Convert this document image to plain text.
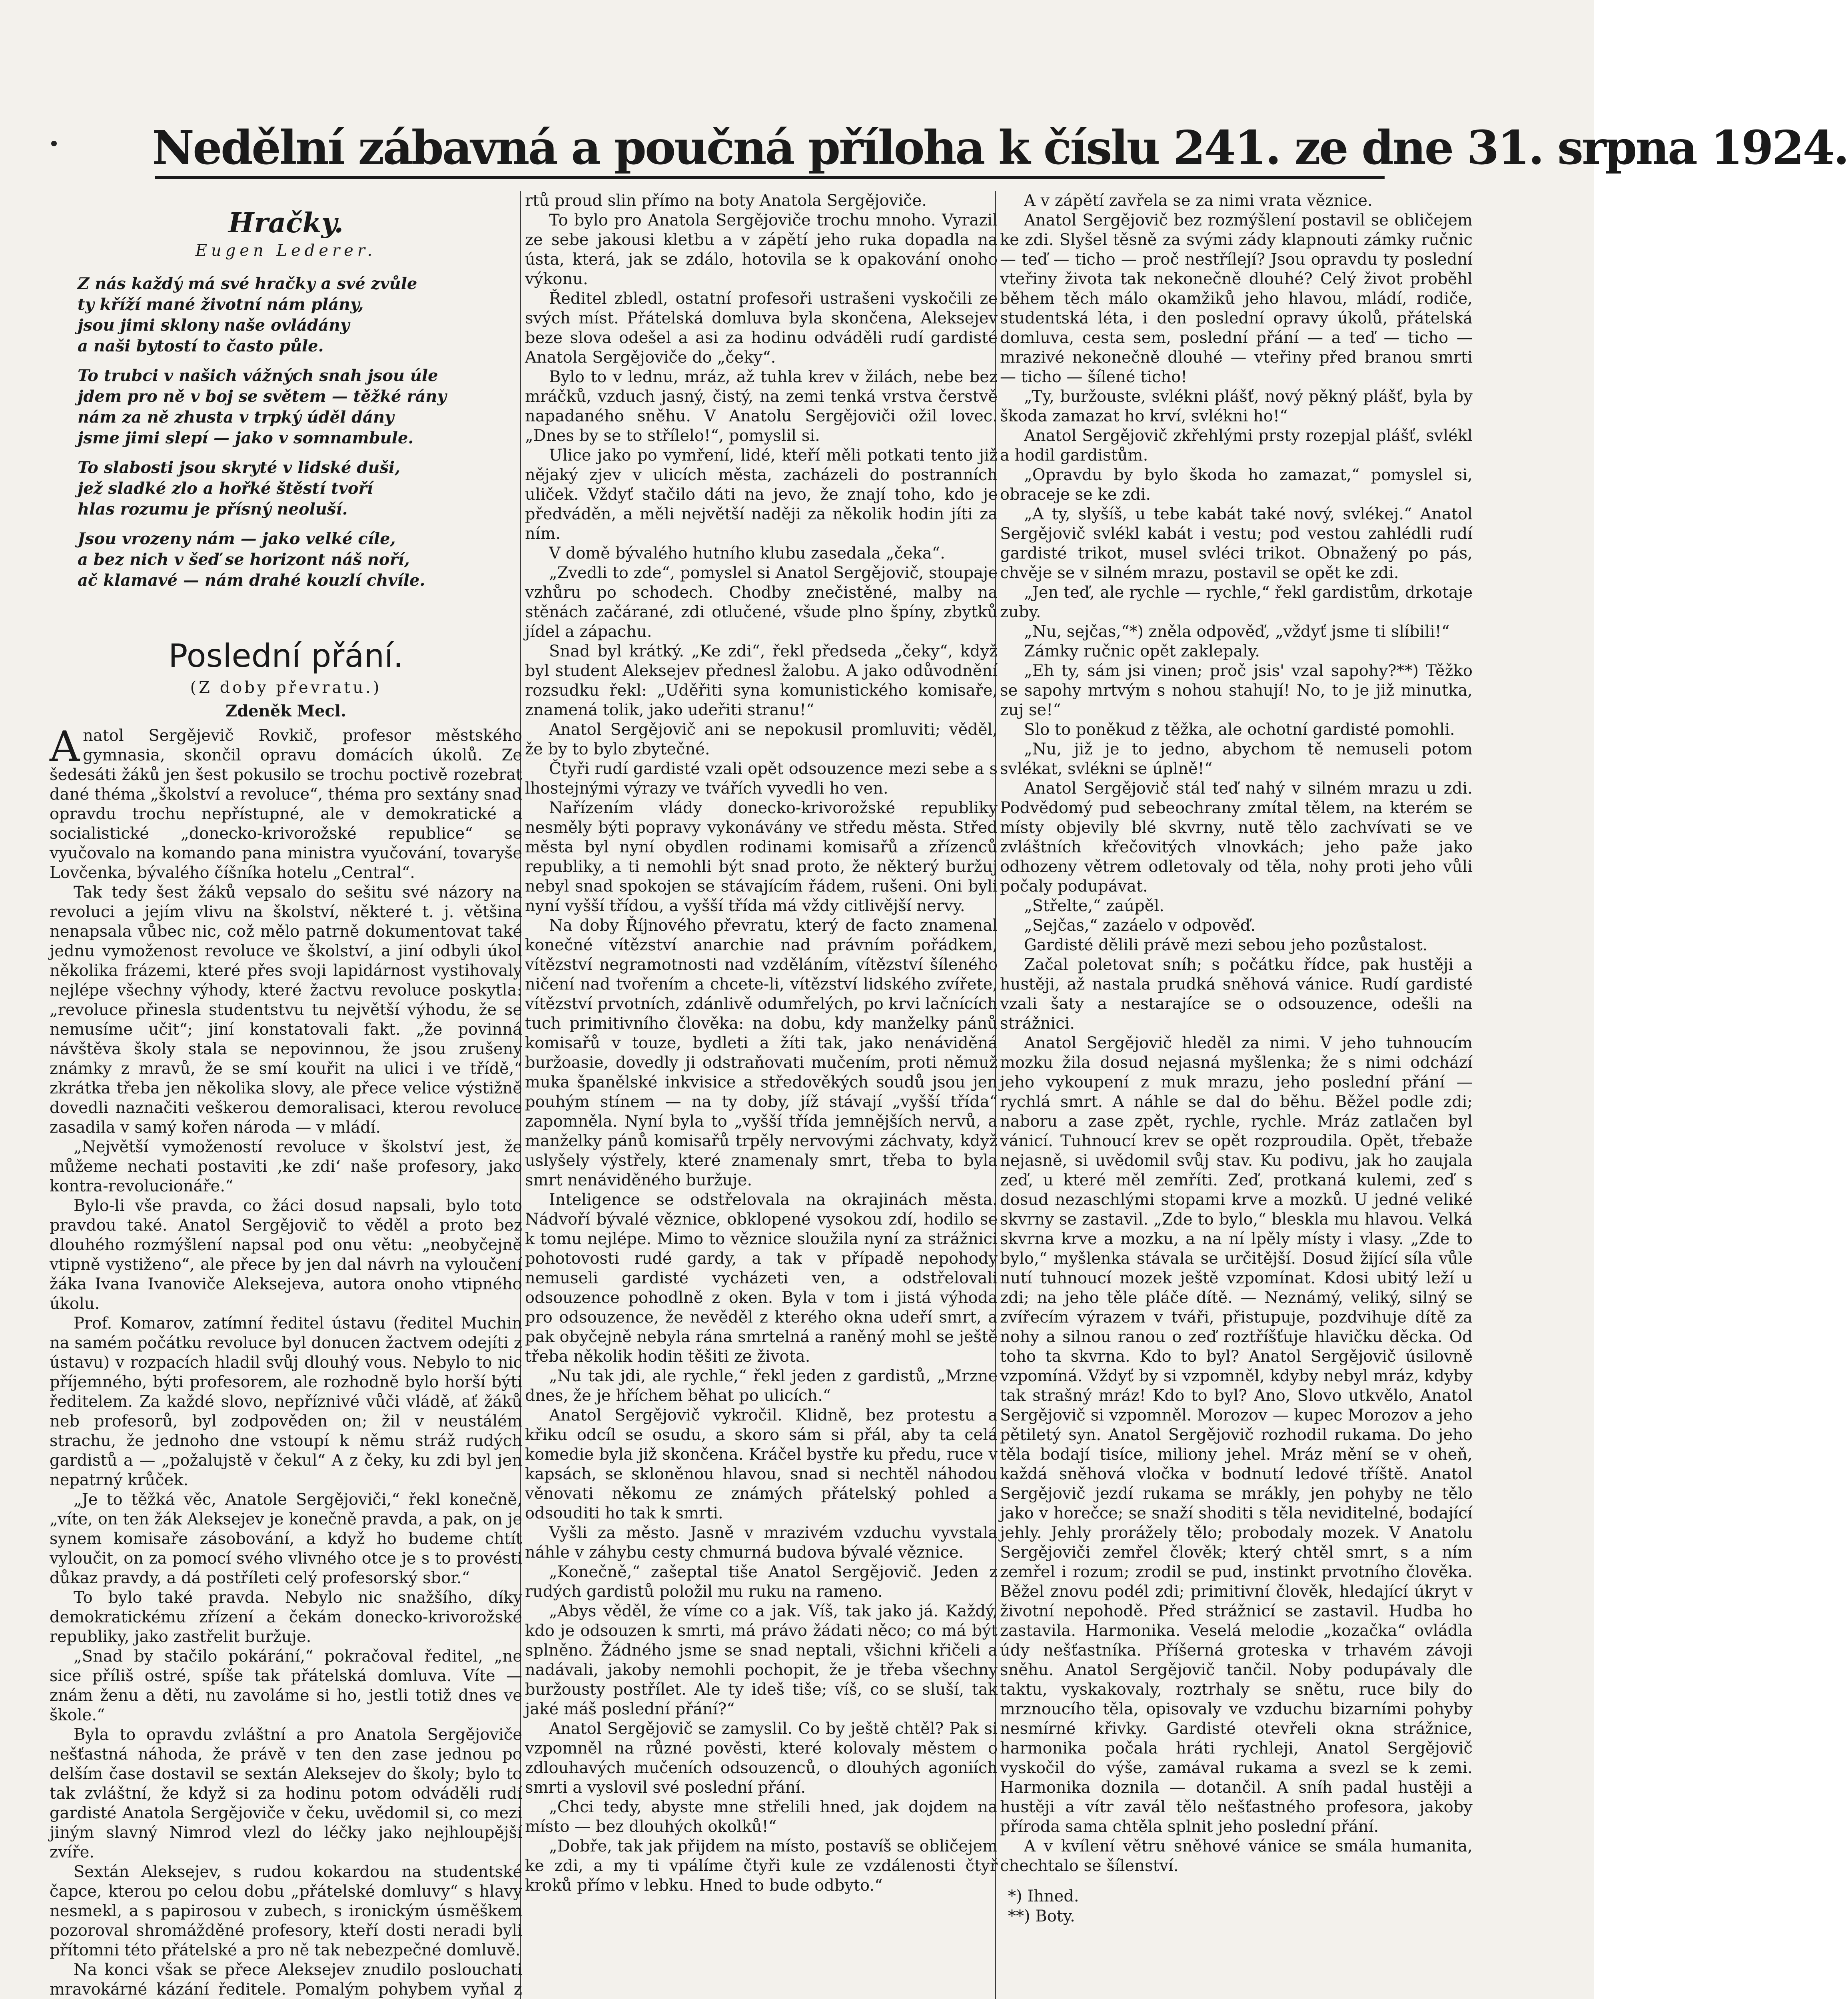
Nedělní zábavná a poučná příloha k číslu 241. ze dne 31. srpna 1924.
Hračky.
Eugen Lederer.
Z nás každý má své hračky a své zvůle
ty kříží mané životní nám plány,
jsou jimi sklony naše ovládány
a naši bytostí to často půle.
To trubci v našich vážných snah jsou úle
jdem pro ně v boj se světem — těžké rány
nám za ně zhusta v trpký úděl dány
jsme jimi slepí — jako v somnambule.
To slabosti jsou skryté v lidské duši,
jež sladké zlo a hořké štěstí tvoří
hlas rozumu je přísný neoluší.
Jsou vrozeny nám — jako velké cíle,
a bez nich v šeď se horizont náš noří,
ač klamavé — nám drahé kouzlí chvíle.
Poslední přání.
(Z doby převratu.)
Zdeněk Mecl.

Anatol Sergějevič Rovkič, profesor městského gymnasia, skončil opravu domácích úkolů. Ze šedesáti žáků jen šest pokusilo se trochu poctivě rozebrat dané théma „školství a revoluce“, théma pro sextány snad opravdu trochu nepřístupné, ale v demokratické a socialistické „donecko-krivorožské republice“ se vyučovalo na komando pana ministra vyučování, tovaryše Lovčenka, bývalého číšníka hotelu „Central“.

Tak tedy šest žáků vepsalo do sešitu své názory na revoluci a jejím vlivu na školství, některé t. j. většina nenapsala vůbec nic, což mělo patrně dokumentovat také jednu vymoženost revoluce ve školství, a jiní odbyli úkol několika frázemi, které přes svoji lapidárnost vystihovaly nejlépe všechny výhody, které žactvu revoluce poskytla: „revoluce přinesla studentstvu tu největší výhodu, že se nemusíme učit“; jiní konstatovali fakt. „že povinná návštěva školy stala se nepovinnou, že jsou zrušeny známky z mravů, že se smí kouřit na ulici i ve třídě,“ zkrátka třeba jen několika slovy, ale přece velice výstižně dovedli naznačiti veškerou demoralisaci, kterou revoluce zasadila v samý kořen národa — v mládí.

„Největší vymožeností revoluce v školství jest, že můžeme nechati postaviti ,ke zdi‘ naše profesory, jako kontra-revolucionáře.“

Bylo-li vše pravda, co žáci dosud napsali, bylo toto pravdou také. Anatol Sergějovič to věděl a proto bez dlouhého rozmýšlení napsal pod onu větu: „neobyčejně vtipně vystiženo“, ale přece by jen dal návrh na vyloučení žáka Ivana Ivanoviče Aleksejeva, autora onoho vtipného úkolu.

Prof. Komarov, zatímní ředitel ústavu (ředitel Muchin na samém počátku revoluce byl donucen žactvem odejíti z ústavu) v rozpacích hladil svůj dlouhý vous. Nebylo to nic příjemného, býti profesorem, ale rozhodně bylo horší býti ředitelem. Za každé slovo, nepříznivé vůči vládě, ať žáků neb profesorů, byl zodpověden on; žil v neustálém strachu, že jednoho dne vstoupí k němu stráž rudých gardistů a — „požalujstě v čekul“ A z čeky, ku zdi byl jen nepatrný krůček.

„Je to těžká věc, Anatole Sergějoviči,“ řekl konečně, „víte, on ten žák Aleksejev je konečně pravda, a pak, on je synem komisaře zásobování, a když ho budeme chtít vyloučit, on za pomocí svého vlivného otce je s to provésti důkaz pravdy, a dá postříleti celý profesorský sbor.“

To bylo také pravda. Nebylo nic snažšího, díky demokratickému zřízení a čekám donecko-krivorožské republiky, jako zastřelit buržuje.

„Snad by stačilo pokárání,“ pokračoval ředitel, „ne sice příliš ostré, spíše tak přátelská domluva. Víte — znám ženu a děti, nu zavoláme si ho, jestli totiž dnes ve škole.“

Byla to opravdu zvláštní a pro Anatola Sergějoviče nešťastná náhoda, že právě v ten den zase jednou po delším čase dostavil se sextán Aleksejev do školy; bylo to tak zvláštní, že když si za hodinu potom odváděli rudí gardisté Anatola Sergějoviče v čeku, uvědomil si, co mezi jiným slavný Nimrod vlezl do léčky jako nejhloupější zvíře.

Sextán Aleksejev, s rudou kokardou na studentské čapce, kterou po celou dobu „přátelské domluvy“ s hlavy nesmekl, a s papirosou v zubech, s ironickým úsměškem pozoroval shromážděné profesory, kteří dosti neradi byli přítomni této přátelské a pro ně tak nebezpečné domluvě.

Na konci však se přece Aleksejev znudilo poslouchati mravokárné kázání ředitele. Pomalým pohybem vyňal z

rtů proud slin přímo na boty Anatola Sergějoviče.

To bylo pro Anatola Sergějoviče trochu mnoho. Vyrazil ze sebe jakousi kletbu a v zápětí jeho ruka dopadla na ústa, která, jak se zdálo, hotovila se k opakování onoho výkonu.

Ředitel zbledl, ostatní profesoři ustrašeni vyskočili ze svých míst. Přátelská domluva byla skončena, Aleksejev beze slova odešel a asi za hodinu odváděli rudí gardisté Anatola Sergějoviče do „čeky“.

Bylo to v lednu, mráz, až tuhla krev v žilách, nebe bez mráčků, vzduch jasný, čistý, na zemi tenká vrstva čerstvě napadaného sněhu. V Anatolu Sergějoviči ožil lovec. „Dnes by se to střílelo!“, pomyslil si.

Ulice jako po vymření, lidé, kteří měli potkati tento již nějaký zjev v ulicích města, zacházeli do postranních uliček. Vždyť stačilo dáti na jevo, že znají toho, kdo je předváděn, a měli největší naději za několik hodin jíti za ním.

V domě bývalého hutního klubu zasedala „čeka“.

„Zvedli to zde“, pomyslel si Anatol Sergějovič, stoupaje vzhůru po schodech. Chodby znečistěné, malby na stěnách začárané, zdi otlučené, všude plno špíny, zbytků jídel a zápachu.

Snad byl krátký. „Ke zdi“, řekl předseda „čeky“, když byl student Aleksejev přednesl žalobu. A jako odůvodnění rozsudku řekl: „Uděřiti syna komunistického komisaře, znamená tolik, jako udeřiti stranu!“

Anatol Sergějovič ani se nepokusil promluviti; věděl, že by to bylo zbytečné.

Čtyři rudí gardisté vzali opět odsouzence mezi sebe a s lhostejnými výrazy ve tvářích vyvedli ho ven.

Nařízením vlády donecko-krivorožské republiky nesměly býti popravy vykonávány ve středu města. Střed města byl nyní obydlen rodinami komisařů a zřízenců republiky, a ti nemohli být snad proto, že některý buržuj nebyl snad spokojen se stávajícím řádem, rušeni. Oni byli nyní vyšší třídou, a vyšší třída má vždy citlivější nervy.

Na doby Říjnového převratu, který de facto znamenal konečné vítězství anarchie nad právním pořádkem, vítězství negramotnosti nad vzděláním, vítězství šíleného ničení nad tvořením a chcete-li, vítězství lidského zvířete, vítězství prvotních, zdánlivě odumřelých, po krvi lačnících tuch primitivního člověka: na dobu, kdy manželky pánů komisařů v touze, bydleti a žíti tak, jako nenáviděná buržoasie, dovedly ji odstraňovati mučením, proti němuž muka španělské inkvisice a středověkých soudů jsou jen pouhým stínem — na ty doby, jíž stávají „vyšší třída“ zapomněla. Nyní byla to „vyšší třída jemnějších nervů, a manželky pánů komisařů trpěly nervovými záchvaty, když uslyšely výstřely, které znamenaly smrt, třeba to byla smrt nenáviděného buržuje.

Inteligence se odstřelovala na okrajinách města. Nádvoří bývalé věznice, obklopené vysokou zdí, hodilo se k tomu nejlépe. Mimo to věznice sloužila nyní za strážnici pohotovosti rudé gardy, a tak v případě nepohody nemuseli gardisté vycházeti ven, a odstřelovali odsouzence pohodlně z oken. Byla v tom i jistá výhoda pro odsouzence, že nevěděl z kterého okna udeří smrt, a pak obyčejně nebyla rána smrtelná a raněný mohl se ještě třeba několik hodin těšiti ze života.

„Nu tak jdi, ale rychle,“ řekl jeden z gardistů, „Mrzne dnes, že je hříchem běhat po ulicích.“

Anatol Sergějovič vykročil. Klidně, bez protestu a křiku odcíl se osudu, a skoro sám si přál, aby ta celá komedie byla již skončena. Kráčel bystře ku předu, ruce v kapsách, se skloněnou hlavou, snad si nechtěl náhodou věnovati někomu ze známých přátelský pohled a odsouditi ho tak k smrti.

Vyšli za město. Jasně v mrazivém vzduchu vyvstala náhle v záhybu cesty chmurná budova bývalé věznice.

„Konečně,“ zašeptal tiše Anatol Sergějovič. Jeden z rudých gardistů položil mu ruku na rameno.

„Abys věděl, že víme co a jak. Víš, tak jako já. Každý, kdo je odsouzen k smrti, má právo žádati něco; co má být splněno. Žádného jsme se snad neptali, všichni křičeli a nadávali, jakoby nemohli pochopit, že je třeba všechny buržousty postřílet. Ale ty ideš tiše; víš, co se sluší, tak jaké máš poslední přání?“

Anatol Sergějovič se zamyslil. Co by ještě chtěl? Pak si vzpomněl na různé pověsti, které kolovaly městem o zdlouhavých mučeních odsouzenců, o dlouhých agoniích smrti a vyslovil své poslední přání.

„Chci tedy, abyste mne střelili hned, jak dojdem na místo — bez dlouhých okolků!“

„Dobře, tak jak přijdem na místo, postavíš se obličejem ke zdi, a my ti vpálíme čtyři kule ze vzdálenosti čtyř kroků přímo v lebku. Hned to bude odbyto.“

A v zápětí zavřela se za nimi vrata věznice.

Anatol Sergějovič bez rozmýšlení postavil se obličejem ke zdi. Slyšel těsně za svými zády klapnouti zámky ručnic — teď — ticho — proč nestřílejí? Jsou opravdu ty poslední vteřiny života tak nekonečně dlouhé? Celý život proběhl během těch málo okamžiků jeho hlavou, mládí, rodiče, studentská léta, i den poslední opravy úkolů, přátelská domluva, cesta sem, poslední přání — a teď — ticho — mrazivé nekonečně dlouhé — vteřiny před branou smrti — ticho — šílené ticho!

„Ty, buržouste, svlékni plášť, nový pěkný plášť, byla by škoda zamazat ho krví, svlékni ho!“

Anatol Sergějovič zkřehlými prsty rozepjal plášť, svlékl a hodil gardistům.

„Opravdu by bylo škoda ho zamazat,“ pomyslel si, obraceje se ke zdi.

„A ty, slyšíš, u tebe kabát také nový, svlékej.“ Anatol Sergějovič svlékl kabát i vestu; pod vestou zahlédli rudí gardisté trikot, musel svléci trikot. Obnažený po pás, chvěje se v silném mrazu, postavil se opět ke zdi.

„Jen teď, ale rychle — rychle,“ řekl gardistům, drkotaje zuby.

„Nu, sejčas,“*) zněla odpověď, „vždyť jsme ti slíbili!“

Zámky ručnic opět zaklepaly.

„Eh ty, sám jsi vinen; proč jsis' vzal sapohy?**) Těžko se sapohy mrtvým s nohou stahují! No, to je již minutka, zuj se!“

Slo to poněkud z těžka, ale ochotní gardisté pomohli.

„Nu, již je to jedno, abychom tě nemuseli potom svlékat, svlékni se úplně!“

Anatol Sergějovič stál teď nahý v silném mrazu u zdi. Podvědomý pud sebeochrany zmítal tělem, na kterém se místy objevily blé skvrny, nutě tělo zachvívati se ve zvláštních křečovitých vlnovkách; jeho paže jako odhozeny větrem odletovaly od těla, nohy proti jeho vůli počaly podupávat.

„Střelte,“ zaúpěl.

„Sejčas,“ zazáelo v odpověď.

Gardisté dělili právě mezi sebou jeho pozůstalost.

Začal poletovat sníh; s počátku řídce, pak hustěji a hustěji, až nastala prudká sněhová vánice. Rudí gardisté vzali šaty a nestarajíce se o odsouzence, odešli na strážnici.

Anatol Sergějovič hleděl za nimi. V jeho tuhnoucím mozku žila dosud nejasná myšlenka; že s nimi odchází jeho vykoupení z muk mrazu, jeho poslední přání — rychlá smrt. A náhle se dal do běhu. Běžel podle zdi; naboru a zase zpět, rychle, rychle. Mráz zatlačen byl vánicí. Tuhnoucí krev se opět rozproudila. Opět, třebaže nejasně, si uvědomil svůj stav. Ku podivu, jak ho zaujala zeď, u které měl zemříti. Zeď, protkaná kulemi, zeď s dosud nezaschlými stopami krve a mozků. U jedné veliké skvrny se zastavil. „Zde to bylo,“ bleskla mu hlavou. Velká skvrna krve a mozku, a na ní lpěly místy i vlasy. „Zde to bylo,“ myšlenka stávala se určitější. Dosud žijící síla vůle nutí tuhnoucí mozek ještě vzpomínat. Kdosi ubitý leží u zdi; na jeho těle pláče dítě. — Neznámý, veliký, silný se zvířecím výrazem v tváři, přistupuje, pozdvihuje dítě za nohy a silnou ranou o zeď roztříšťuje hlavičku děcka. Od toho ta skvrna. Kdo to byl? Anatol Sergějovič úsilovně vzpomíná. Vždyť by si vzpomněl, kdyby nebyl mráz, kdyby tak strašný mráz! Kdo to byl? Ano, Slovo utkvělo, Anatol Sergějovič si vzpomněl. Morozov — kupec Morozov a jeho pětiletý syn. Anatol Sergějovič rozhodil rukama. Do jeho těla bodají tisíce, miliony jehel. Mráz mění se v oheň, každá sněhová vločka v bodnutí ledové tříště. Anatol Sergějovič jezdí rukama se mrákly, jen pohyby ne tělo jako v horečce; se snaží shoditi s těla neviditelné, bodající jehly. Jehly prorážely tělo; probodaly mozek. V Anatolu Sergějoviči zemřel člověk; který chtěl smrt, s a ním zemřel i rozum; zrodil se pud, instinkt prvotního člověka. Běžel znovu podél zdi; primitivní člověk, hledající úkryt v životní nepohodě. Před strážnicí se zastavil. Hudba ho zastavila. Harmonika. Veselá melodie „kozačka“ ovládla údy nešťastníka. Příšerná groteska v trhavém závoji sněhu. Anatol Sergějovič tančil. Noby podupávaly dle taktu, vyskakovaly, roztrhaly se snětu, ruce bily do mrznoucího těla, opisovaly ve vzduchu bizarními pohyby nesmírné křivky. Gardisté otevřeli okna strážnice, harmonika počala hráti rychleji, Anatol Sergějovič vyskočil do výše, zamával rukama a svezl se k zemi. Harmonika doznila — dotančil. A sníh padal hustěji a hustěji a vítr zavál tělo nešťastného profesora, jakoby příroda sama chtěla splnit jeho poslední přání.

A v kvílení větru sněhové vánice se smála humanita, chechtalo se šílenství.

*) Ihned.
**) Boty.
